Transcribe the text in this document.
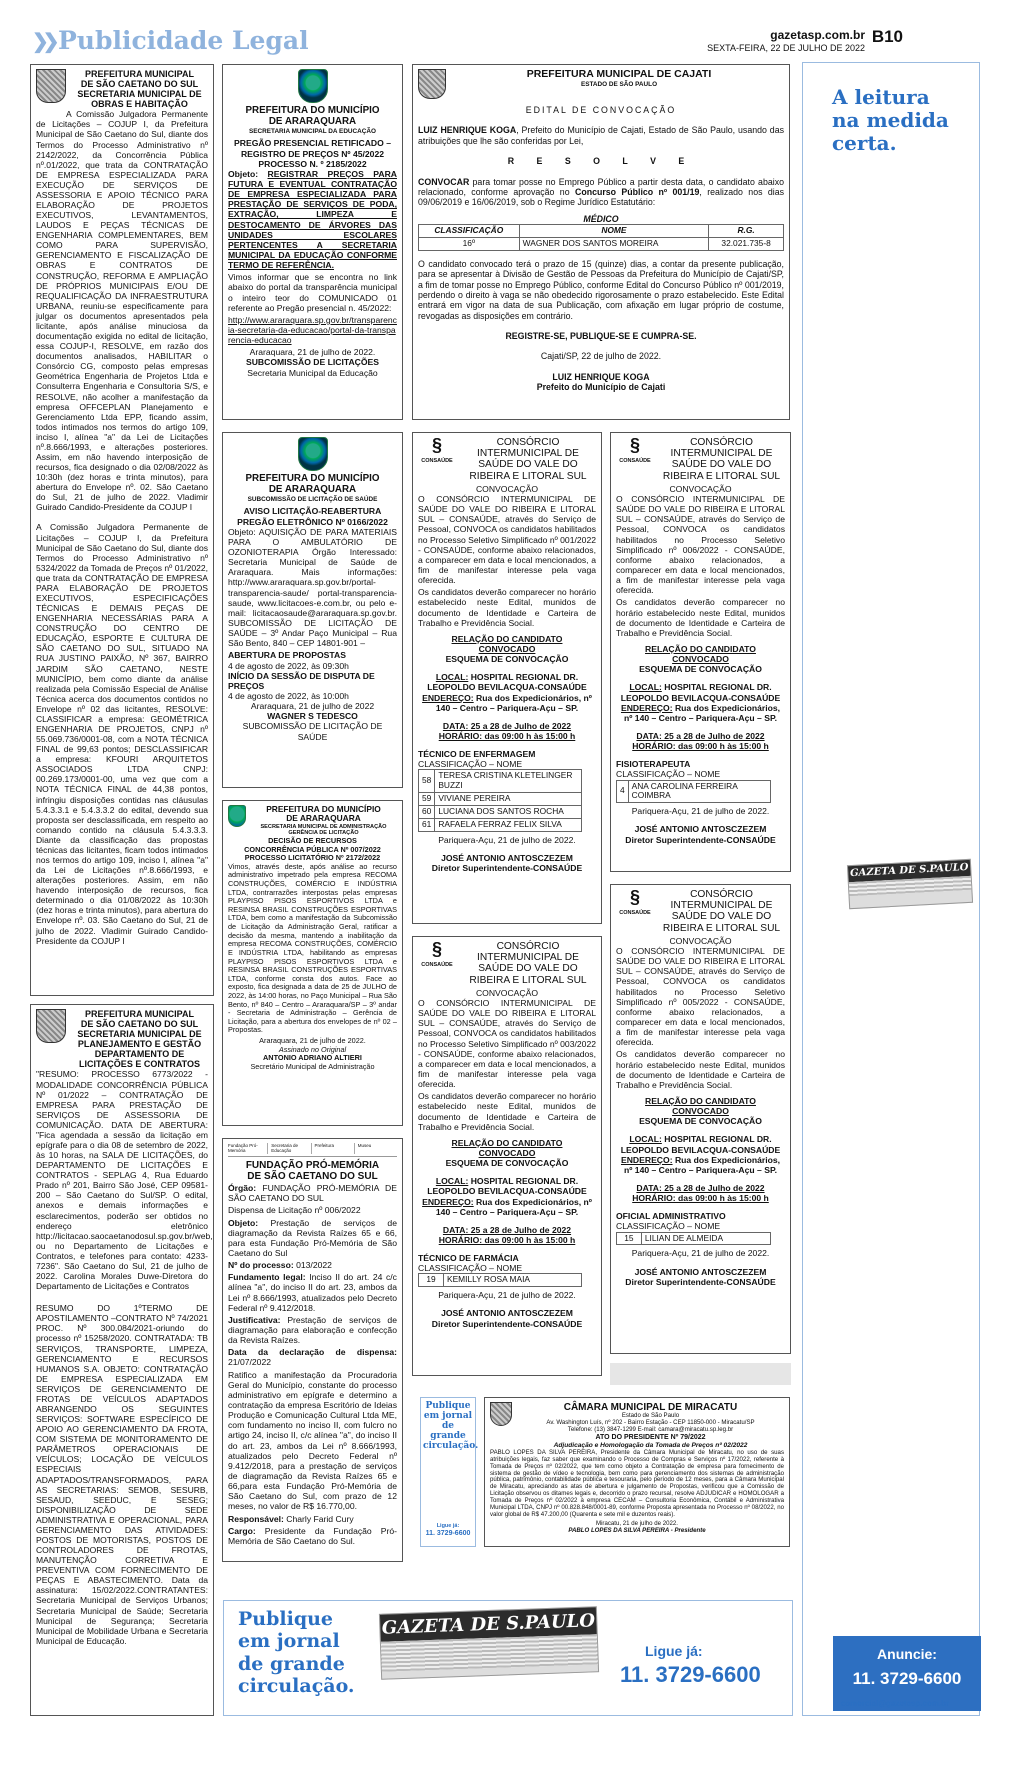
❯❯ Publicidade Legal	gazetasp.com.br
SEXTA-FEIRA, 22 DE JULHO DE 2022
B10
PREFEITURA MUNICIPAL
DE SÃO CAETANO DO SUL
SECRETARIA MUNICIPAL DE
OBRAS E HABITAÇÃO

A Comissão Julgadora Permanente de Licitações – COJUP I, da Prefeitura Municipal de São Caetano do Sul, diante dos Termos do Processo Administrativo nº 2142/2022, da Concorrência Pública nº.01/2022, que trata da CONTRATAÇÃO DE EMPRESA ESPECIALIZADA PARA EXECUÇÃO DE SERVIÇOS DE ASSESSORIA E APOIO TÉCNICO PARA ELABORAÇÃO DE PROJETOS EXECUTIVOS, LEVANTAMENTOS, LAUDOS E PEÇAS TÉCNICAS DE ENGENHARIA COMPLEMENTARES, BEM COMO PARA SUPERVISÃO, GERENCIAMENTO E FISCALIZAÇÃO DE OBRAS E CONTRATOS DE CONSTRUÇÃO, REFORMA E AMPLIAÇÃO DE PRÓPRIOS MUNICIPAIS E/OU DE REQUALIFICAÇÃO DA INFRAESTRUTURA URBANA, reuniu-se especificamente para julgar os documentos apresentados pela licitante, após análise minuciosa da documentação exigida no edital de licitação, essa COJUP-I, RESOLVE, em razão dos documentos analisados, HABILITAR o Consórcio CG, composto pelas empresas Geométrica Engenharia de Projetos Ltda e Consulterra Engenharia e Consultoria S/S, e RESOLVE, não acolher a manifestação da empresa OFFCEPLAN Planejamento e Gerenciamento Ltda EPP, ficando assim, todos intimados nos termos do artigo 109, inciso I, alínea "a" da Lei de Licitações nº.8.666/1993, e alterações posteriores. Assim, em não havendo interposição de recursos, fica designado o dia 02/08/2022 às 10:30h (dez horas e trinta minutos), para abertura do Envelope nº. 02. São Caetano do Sul, 21 de julho de 2022. Vladimir Guirado Candido-Presidente da COJUP I

A Comissão Julgadora Permanente de Licitações – COJUP I, da Prefeitura Municipal de São Caetano do Sul, diante dos Termos do Processo Administrativo nº 5324/2022 da Tomada de Preços nº 01/2022, que trata da CONTRATAÇÃO DE EMPRESA PARA ELABORAÇÃO DE PROJETOS EXECUTIVOS, ESPECIFICAÇÕES TÉCNICAS E DEMAIS PEÇAS DE ENGENHARIA NECESSÁRIAS PARA A CONSTRUÇÃO DO CENTRO DE EDUCAÇÃO, ESPORTE E CULTURA DE SÃO CAETANO DO SUL, SITUADO NA RUA JUSTINO PAIXÃO, Nº 367, BAIRRO JARDIM SÃO CAETANO, NESTE MUNICÍPIO, bem como diante da análise realizada pela Comissão Especial de Análise Técnica acerca dos documentos contidos no Envelope nº 02 das licitantes, RESOLVE: CLASSIFICAR a empresa: GEOMÉTRICA ENGENHARIA DE PROJETOS, CNPJ nº 55.069.736/0001-08, com a NOTA TÉCNICA FINAL de 99,63 pontos; DESCLASSIFICAR a empresa: KFOURI ARQUITETOS ASSOCIADOS LTDA CNPJ: 00.269.173/0001-00, uma vez que com a NOTA TÉCNICA FINAL de 44,38 pontos, infringiu disposições contidas nas cláusulas 5.4.3.3.1 e 5.4.3.3.2 do edital, devendo sua proposta ser desclassificada, em respeito ao comando contido na cláusula 5.4.3.3.3. Diante da classificação das propostas técnicas das licitantes, ficam todos intimados nos termos do artigo 109, inciso I, alínea "a" da Lei de Licitações nº.8.666/1993, e alterações posteriores. Assim, em não havendo interposição de recursos, fica determinado o dia 01/08/2022 às 10:30h (dez horas e trinta minutos), para abertura do Envelope nº. 03. São Caetano do Sul, 21 de julho de 2022. Vladimir Guirado Candido-Presidente da COJUP I

PREFEITURA MUNICIPAL
DE SÃO CAETANO DO SUL
SECRETARIA MUNICIPAL DE
PLANEJAMENTO E GESTÃO
DEPARTAMENTO DE
LICITAÇÕES E CONTRATOS

"RESUMO: PROCESSO 6773/2022 - MODALIDADE CONCORRÊNCIA PÚBLICA Nº 01/2022 – CONTRATAÇÃO DE EMPRESA PARA PRESTAÇÃO DE SERVIÇOS DE ASSESSORIA DE COMUNICAÇÃO. DATA DE ABERTURA: "Fica agendada a sessão da licitação em epígrafe para o dia 08 de setembro de 2022, às 10 horas, na SALA DE LICITAÇÕES, do DEPARTAMENTO DE LICITAÇÕES E CONTRATOS - SEPLAG 4, Rua Eduardo Prado nº 201, Bairro São José, CEP 09581-200 – São Caetano do Sul/SP. O edital, anexos e demais informações e esclarecimentos, poderão ser obtidos no endereço eletrônico http://licitacao.saocaetanodosul.sp.gov.br/web, ou no Departamento de Licitações e Contratos, e telefones para contato: 4233-7236". São Caetano do Sul, 21 de julho de 2022. Carolina Morales Duwe-Diretora do Departamento de Licitações e Contratos

RESUMO DO 1ºTERMO DE APOSTILAMENTO –CONTRATO Nº 74/2021 PROC. Nº 300.084/2021-oriundo do processo nº 15258/2020. CONTRATADA: TB SERVIÇOS, TRANSPORTE, LIMPEZA, GERENCIAMENTO E RECURSOS HUMANOS S.A. OBJETO: CONTRATAÇÃO DE EMPRESA ESPECIALIZADA EM SERVIÇOS DE GERENCIAMENTO DE FROTAS DE VEÍCULOS ADAPTADOS ABRANGENDO OS SEGUINTES SERVIÇOS: SOFTWARE ESPECÍFICO DE APOIO AO GERENCIAMENTO DA FROTA, COM SISTEMA DE MONITORAMENTO DE PARÂMETROS OPERACIONAIS DE VEÍCULOS; LOCAÇÃO DE VEÍCULOS ESPECIAIS ADAPTADOS/TRANSFORMADOS, PARA AS SECRETARIAS: SEMOB, SESURB, SESAUD, SEEDUC, E SESEG; DISPONIBILIZAÇÃO DE SEDE ADMINISTRATIVA E OPERACIONAL, PARA GERENCIAMENTO DAS ATIVIDADES: POSTOS DE MOTORISTAS, POSTOS DE CONTROLADORES DE FROTAS, MANUTENÇÃO CORRETIVA E PREVENTIVA COM FORNECIMENTO DE PEÇAS E ABASTECIMENTO. Data da assinatura: 15/02/2022.CONTRATANTES: Secretaria Municipal de Serviços Urbanos; Secretaria Municipal de Saúde; Secretaria Municipal de Segurança; Secretaria Municipal de Mobilidade Urbana e Secretaria Municipal de Educação.

PREFEITURA DO MUNICÍPIO
DE ARARAQUARA
SECRETARIA MUNICIPAL DA EDUCAÇÃO
PREGÃO PRESENCIAL RETIFICADO –
REGISTRO DE PREÇOS Nº 45/2022
PROCESSO N. º 2185/2022

Objeto: REGISTRAR PREÇOS PARA FUTURA E EVENTUAL CONTRATAÇÃO DE EMPRESA ESPECIALIZADA PARA PRESTAÇÃO DE SERVIÇOS DE PODA, EXTRAÇÃO, LIMPEZA E DESTOCAMENTO DE ÁRVORES DAS UNIDADES ESCOLARES PERTENCENTES A SECRETARIA MUNICIPAL DA EDUCAÇÃO CONFORME TERMO DE REFERÊNCIA.

Vimos informar que se encontra no link abaixo do portal da transparência municipal o inteiro teor do COMUNICADO 01 referente ao Pregão presencial n. 45/2022:

http://www.araraquara.sp.gov.br/transparencia-secretaria-da-educacao/portal-da-transparencia-educacao

Araraquara, 21 de julho de 2022.
SUBCOMISSÃO DE LICITAÇÕES
Secretaria Municipal da Educação
PREFEITURA DO MUNICÍPIO
DE ARARAQUARA
SUBCOMISSÃO DE LICITAÇÃO DE SAÚDE
AVISO LICITAÇÃO-REABERTURA
PREGÃO ELETRÔNICO Nº 0166/2022

Objeto: AQUISIÇÃO DE PARA MATERIAIS PARA O AMBULATÓRIO DE OZONIOTERAPIA Órgão Interessado: Secretaria Municipal de Saúde de Araraquara. Mais informações: http://www.araraquara.sp.gov.br/portal-transparencia-saude/ portal-transparencia-saude, www.licitacoes-e.com.br, ou pelo e-mail: licitacaosaude@araraquara.sp.gov.br. SUBCOMISSÃO DE LICITAÇÃO DE SAÚDE – 3º Andar Paço Municipal – Rua São Bento, 840 – CEP 14801-901 –

ABERTURA DE PROPOSTAS
4 de agosto de 2022, às 09:30h
INÍCIO DA SESSÃO DE DISPUTA DE PREÇOS
4 de agosto de 2022, às 10:00h
Araraquara, 21 de julho de 2022
WAGNER S TEDESCO
SUBCOMISSÃO DE LICITAÇÃO DE SAÚDE
PREFEITURA DO MUNICÍPIO
DE ARARAQUARA
SECRETARIA MUNICIPAL DE ADMINISTRAÇÃO
GERÊNCIA DE LICITAÇÃO
DECISÃO DE RECURSOS
CONCORRÊNCIA PÚBLICA Nº 007/2022
PROCESSO LICITATÓRIO Nº 2172/2022

Vimos, através deste, após análise ao recurso administrativo impetrado pela empresa RECOMA CONSTRUÇÕES, COMÉRCIO E INDÚSTRIA LTDA, contrarrazões interpostas pelas empresas PLAYPISO PISOS ESPORTIVOS LTDA e RESINSA BRASIL CONSTRUÇÕES ESPORTIVAS LTDA, bem como a manifestação da Subcomissão de Licitação da Administração Geral, ratificar a decisão da mesma, mantendo a inabilitação da empresa RECOMA CONSTRUÇÕES, COMÉRCIO E INDÚSTRIA LTDA, habilitando as empresas PLAYPISO PISOS ESPORTIVOS LTDA e RESINSA BRASIL CONSTRUÇÕES ESPORTIVAS LTDA, conforme consta dos autos. Face ao exposto, fica designada a data de 25 de JULHO de 2022, às 14:00 horas, no Paço Municipal – Rua São Bento, nº 840 – Centro – Araraquara/SP – 3º andar - Secretaria de Administração – Gerência de Licitação, para a abertura dos envelopes de nº 02 – Propostas.

Araraquara, 21 de julho de 2022.
Assinado no Original
ANTONIO ADRIANO ALTIERI
Secretário Municipal de Administração
Fundação Pró-Memória
Secretaria de Educação
Prefeitura	Museu
FUNDAÇÃO PRÓ-MEMÓRIA
DE SÃO CAETANO DO SUL

Órgão: FUNDAÇÃO PRÓ-MEMÓRIA DE SÃO CAETANO DO SUL

Dispensa de Licitação nº 006/2022

Objeto: Prestação de serviços de diagramação da Revista Raízes 65 e 66, para esta Fundação Pró-Memória de São Caetano do Sul

Nº do processo: 013/2022

Fundamento legal: Inciso II do art. 24 c/c alínea "a", do inciso II do art. 23, ambos da Lei nº 8.666/1993, atualizados pelo Decreto Federal nº 9.412/2018.

Justificativa: Prestação de serviços de diagramação para elaboração e confecção da Revista Raízes.

Data da declaração de dispensa: 21/07/2022

Ratifico a manifestação da Procuradoria Geral do Município, constante do processo administrativo em epígrafe e determino a contratação da empresa Escritório de Ideias Produção e Comunicação Cultural Ltda ME, com fundamento no inciso II, com fulcro no artigo 24, inciso II, c/c alínea "a", do inciso II do art. 23, ambos da Lei nº 8.666/1993, atualizados pelo Decreto Federal nº 9.412/2018, para a prestação de serviços de diagramação da Revista Raízes 65 e 66,para esta Fundação Pró-Memória de São Caetano do Sul, com prazo de 12 meses, no valor de R$ 16.770,00.

Responsável: Charly Farid Cury

Cargo: Presidente da Fundação Pró-Memória de São Caetano do Sul.

PREFEITURA MUNICIPAL DE CAJATI
ESTADO DE SÃO PAULO
EDITAL DE CONVOCAÇÃO

LUIZ HENRIQUE KOGA, Prefeito do Município de Cajati, Estado de São Paulo, usando das atribuições que lhe são conferidas por Lei,

R E S O L V E

CONVOCAR para tomar posse no Emprego Público a partir desta data, o candidato abaixo relacionado, conforme aprovação no Concurso Público nº 001/19, realizado nos dias 09/06/2019 e 16/06/2019, sob o Regime Jurídico Estatutário:

MÉDICO
CLASSIFICAÇÃO	NOME	R.G.
16º	WAGNER DOS SANTOS MOREIRA	32.021.735-8

O candidato convocado terá o prazo de 15 (quinze) dias, a contar da presente publicação, para se apresentar à Divisão de Gestão de Pessoas da Prefeitura do Município de Cajati/SP, a fim de tomar posse no Emprego Público, conforme Edital do Concurso Público nº 001/2019, perdendo o direito à vaga se não obedecido rigorosamente o prazo estabelecido. Este Edital entrará em vigor na data de sua Publicação, com afixação em lugar próprio de costume, revogadas as disposições em contrário.

REGISTRE-SE, PUBLIQUE-SE E CUMPRA-SE.
Cajati/SP, 22 de julho de 2022.
LUIZ HENRIQUE KOGA
Prefeito do Município de Cajati
§
CONSAÚDE
CONSÓRCIO INTERMUNICIPAL DE SAÚDE DO VALE DO RIBEIRA E LITORAL SUL
CONVOCAÇÃO

O CONSÓRCIO INTERMUNICIPAL DE SAÚDE DO VALE DO RIBEIRA E LITORAL SUL – CONSAÚDE, através do Serviço de Pessoal, CONVOCA os candidatos habilitados no Processo Seletivo Simplificado nº 001/2022 - CONSAÚDE, conforme abaixo relacionados, a comparecer em data e local mencionados, a fim de manifestar interesse pela vaga oferecida.

Os candidatos deverão comparecer no horário estabelecido neste Edital, munidos de documento de Identidade e Carteira de Trabalho e Previdência Social.

RELAÇÃO DO CANDIDATO
CONVOCADO
ESQUEMA DE CONVOCAÇÃO

LOCAL: HOSPITAL REGIONAL DR. LEOPOLDO BEVILACQUA-CONSAÚDE
ENDEREÇO: Rua dos Expedicionários, nº 140 – Centro – Pariquera-Açu – SP.

DATA: 25 a 28 de Julho de 2022
HORÁRIO: das 09:00 h às 15:00 h
TÉCNICO DE ENFERMAGEM
CLASSIFICAÇÃO – NOME
58	TERESA CRISTINA KLETELINGER BUZZI
59	VIVIANE PEREIRA
60	LUCIANA DOS SANTOS ROCHA
61	RAFAELA FERRAZ FELIX SILVA
Pariquera-Açu, 21 de julho de 2022.
JOSÉ ANTONIO ANTOSCZEZEM
Diretor Superintendente-CONSAÚDE
§
CONSAÚDE
CONSÓRCIO INTERMUNICIPAL DE SAÚDE DO VALE DO RIBEIRA E LITORAL SUL
CONVOCAÇÃO

O CONSÓRCIO INTERMUNICIPAL DE SAÚDE DO VALE DO RIBEIRA E LITORAL SUL – CONSAÚDE, através do Serviço de Pessoal, CONVOCA os candidatos habilitados no Processo Seletivo Simplificado nº 006/2022 - CONSAÚDE, conforme abaixo relacionados, a comparecer em data e local mencionados, a fim de manifestar interesse pela vaga oferecida.

Os candidatos deverão comparecer no horário estabelecido neste Edital, munidos de documento de Identidade e Carteira de Trabalho e Previdência Social.

RELAÇÃO DO CANDIDATO
CONVOCADO
ESQUEMA DE CONVOCAÇÃO

LOCAL: HOSPITAL REGIONAL DR. LEOPOLDO BEVILACQUA-CONSAÚDE
ENDEREÇO: Rua dos Expedicionários, nº 140 – Centro – Pariquera-Açu – SP.

DATA: 25 a 28 de Julho de 2022
HORÁRIO: das 09:00 h às 15:00 h
FISIOTERAPEUTA
CLASSIFICAÇÃO – NOME
4	ANA CAROLINA FERREIRA COIMBRA
Pariquera-Açu, 21 de julho de 2022.
JOSÉ ANTONIO ANTOSCZEZEM
Diretor Superintendente-CONSAÚDE
§
CONSAÚDE
CONSÓRCIO INTERMUNICIPAL DE SAÚDE DO VALE DO RIBEIRA E LITORAL SUL
CONVOCAÇÃO

O CONSÓRCIO INTERMUNICIPAL DE SAÚDE DO VALE DO RIBEIRA E LITORAL SUL – CONSAÚDE, através do Serviço de Pessoal, CONVOCA os candidatos habilitados no Processo Seletivo Simplificado nº 003/2022 - CONSAÚDE, conforme abaixo relacionados, a comparecer em data e local mencionados, a fim de manifestar interesse pela vaga oferecida.

Os candidatos deverão comparecer no horário estabelecido neste Edital, munidos de documento de Identidade e Carteira de Trabalho e Previdência Social.

RELAÇÃO DO CANDIDATO
CONVOCADO
ESQUEMA DE CONVOCAÇÃO

LOCAL: HOSPITAL REGIONAL DR. LEOPOLDO BEVILACQUA-CONSAÚDE
ENDEREÇO: Rua dos Expedicionários, nº 140 – Centro – Pariquera-Açu – SP.

DATA: 25 a 28 de Julho de 2022
HORÁRIO: das 09:00 h às 15:00 h
TÉCNICO DE FARMÁCIA
CLASSIFICAÇÃO – NOME
19	KEMILLY ROSA MAIA
Pariquera-Açu, 21 de julho de 2022.
JOSÉ ANTONIO ANTOSCZEZEM
Diretor Superintendente-CONSAÚDE
§
CONSAÚDE
CONSÓRCIO INTERMUNICIPAL DE SAÚDE DO VALE DO RIBEIRA E LITORAL SUL
CONVOCAÇÃO

O CONSÓRCIO INTERMUNICIPAL DE SAÚDE DO VALE DO RIBEIRA E LITORAL SUL – CONSAÚDE, através do Serviço de Pessoal, CONVOCA os candidatos habilitados no Processo Seletivo Simplificado nº 005/2022 - CONSAÚDE, conforme abaixo relacionados, a comparecer em data e local mencionados, a fim de manifestar interesse pela vaga oferecida.

Os candidatos deverão comparecer no horário estabelecido neste Edital, munidos de documento de Identidade e Carteira de Trabalho e Previdência Social.

RELAÇÃO DO CANDIDATO
CONVOCADO
ESQUEMA DE CONVOCAÇÃO

LOCAL: HOSPITAL REGIONAL DR. LEOPOLDO BEVILACQUA-CONSAÚDE
ENDEREÇO: Rua dos Expedicionários, nº 140 – Centro – Pariquera-Açu – SP.

DATA: 25 a 28 de Julho de 2022
HORÁRIO: das 09:00 h às 15:00 h
OFICIAL ADMINISTRATIVO
CLASSIFICAÇÃO – NOME
15	LILIAN DE ALMEIDA
Pariquera-Açu, 21 de julho de 2022.
JOSÉ ANTONIO ANTOSCZEZEM
Diretor Superintendente-CONSAÚDE
Publique
em jornal
de grande
circulação.
Ligue já:
11. 3729-6600
CÂMARA MUNICIPAL DE MIRACATU
Estado de São Paulo
Av. Washington Luís, nº 202 - Bairro Estação - CEP 11850-000 - Miracatu/SP
Telefone: (13) 3847-1299 E-mail: camara@miracatu.sp.leg.br
ATO DO PRESIDENTE Nº 79/2022
Adjudicação e Homologação da Tomada de Preços nº 02/2022

PABLO LOPES DA SILVA PEREIRA, Presidente da Câmara Municipal de Miracatu, no uso de suas atribuições legais, faz saber que examinando o Processo de Compras e Serviços nº 17/2022, referente à Tomada de Preços nº 02/2022, que tem como objeto a Contratação de empresa para fornecimento de sistema de gestão de vídeo e tecnologia, bem como para gerenciamento dos sistemas de administração pública, patrimônio, contabilidade pública e tesouraria, pelo período de 12 meses, para a Câmara Municipal de Miracatu, apreciando as atas de abertura e julgamento de Propostas, verificou que a Comissão de Licitação observou os ditames legais e, decorrido o prazo recursal, resolve ADJUDICAR e HOMOLOGAR a Tomada de Preços nº 02/2022 à empresa CECAM – Consultoria Econômica, Contábil e Administrativa Municipal LTDA, CNPJ nº 00.828.848/0001-89, conforme Proposta apresentada no Processo nº 08/2022, no valor global de R$ 47.200,00 (Quarenta e sete mil e duzentos reais).

Miracatu, 21 de julho de 2022.
PABLO LOPES DA SILVA PEREIRA - Presidente
A leitura
na medida
certa.
GAZETA DE S.PAULO
Publique
em jornal
de grande
circulação.
GAZETA DE S.PAULO
Ligue já:
11. 3729-6600
Anuncie:
11. 3729-6600
comercial@gazetasp.com.br
